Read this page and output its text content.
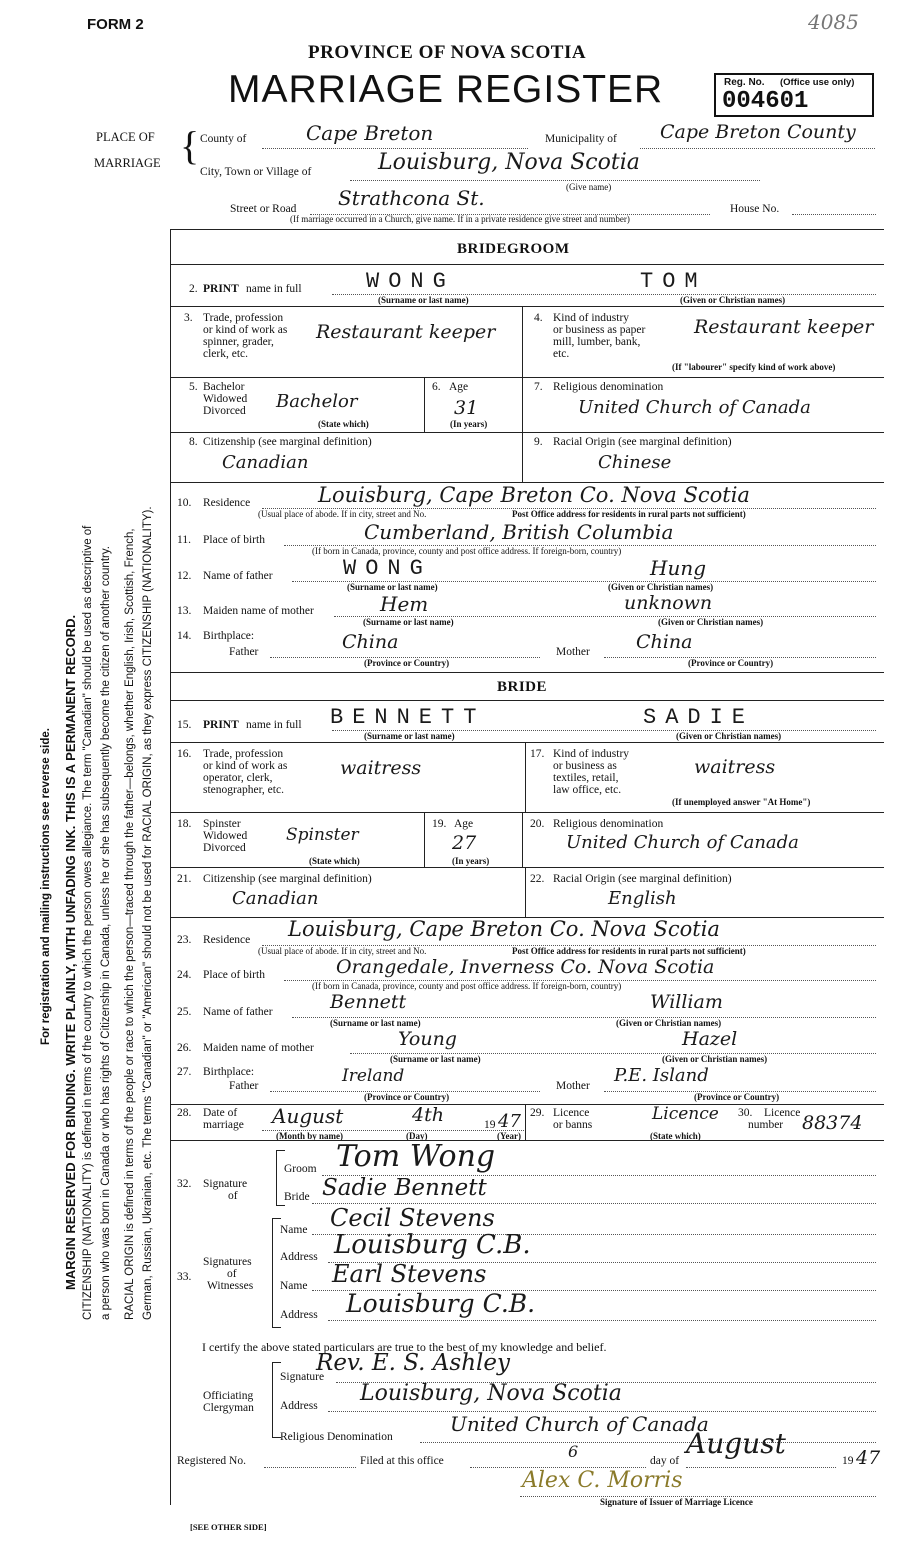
FORM 2	4085
PROVINCE OF NOVA SCOTIA
MARRIAGE REGISTER	Reg. No. (Office use only)
004601
For registration and mailing instructions see reverse side. MARGIN RESERVED FOR BINDING. WRITE PLAINLY, WITH UNFADING INK. THIS IS A PERMANENT RECORD. CITIZENSHIP (NATIONALITY) is defined in terms of the country to which the person owes allegiance. The term "Canadian" should be used as descriptive of a person who was born in Canada or who has rights of Citizenship in Canada, unless he or she has subsequently become the citizen of another country. RACIAL ORIGIN is defined in terms of the people or race to which the person—traced through the father—belongs, whether English, Irish, Scottish, French, German, Russian, Ukrainian, etc. The terms "Canadian" or "American" should not be used for RACIAL ORIGIN, as they express CITIZENSHIP (NATIONALITY).
PLACE OF
MARRIAGE { County of	Cape Breton	Municipality of Cape Breton County
City, Town or Village of	Louisburg, Nova Scotia
(Give name)
Street or Road Strathcona St.	House No.
(If marriage occurred in a Church, give name. If in a private residence give street and number)
BRIDEGROOM
2. PRINT name in full	WONG	TOM
(Surname or last name)	(Given or Christian names)
3. Trade, profession
or kind of work as
spinner, grader,
clerk, etc.
Restaurant keeper
4. Kind of industry
or business as paper
mill, lumber, bank,
etc.
Restaurant keeper
(If "labourer" specify kind of work above)
5. Bachelor
Widowed
Divorced Bachelor
(State which)
6. Age
31
(In years)
7. Religious denomination
United Church of Canada
8. Citizenship (see marginal definition)
Canadian
9. Racial Origin (see marginal definition)
Chinese
10. Residence	Louisburg, Cape Breton Co. Nova Scotia
(Usual place of abode. If in city, street and No.	Post Office address for residents in rural parts not sufficient)
11. Place of birth	Cumberland, British Columbia
(If born in Canada, province, county and post office address. If foreign-born, country)
12. Name of father	WONG	Hung
(Surname or last name)	(Given or Christian names)
13. Maiden name of mother	Hem	unknown
(Surname or last name)	(Given or Christian names)
14. Birthplace:
Father	China
(Province or Country)
Mother China
(Province or Country)
BRIDE
15. PRINT name in full BENNETT	SADIE
(Surname or last name)	(Given or Christian names)
16. Trade, profession
or kind of work as
operator, clerk,
stenographer, etc.
waitress
17. Kind of industry
or business as
textiles, retail,
law office, etc.
waitress
(If unemployed answer "At Home")
18. Spinster
Widowed
Divorced
Spinster
(State which)
19. Age
27
(In years)
20. Religious denomination
United Church of Canada
21. Citizenship (see marginal definition)
Canadian
22. Racial Origin (see marginal definition)
English
23. Residence Louisburg, Cape Breton Co. Nova Scotia
(Usual place of abode. If in city, street and No.	Post Office address for residents in rural parts not sufficient)
24. Place of birth	Orangedale, Inverness Co. Nova Scotia
(If born in Canada, province, county and post office address. If foreign-born, country)
25. Name of father	Bennett	William
(Surname or last name)	(Given or Christian names)
26. Maiden name of mother	Young	Hazel
(Surname or last name)	(Given or Christian names)
27. Birthplace:
Father	Ireland
(Province or Country)
Mother P.E. Island
(Province or Country)
28. Date of
marriage August	4th	19 47
(Month by name)	(Day)	(Year)
29. Licence
or banns
Licence
(State which)
30. Licence
number 88374
32. Signature
of
Groom Tom Wong
Bride Sadie Bennett
33.
Signatures
of
Witnesses
Name Cecil Stevens
Address Louisburg C.B.
Name Earl Stevens
Address Louisburg C.B.
I certify the above stated particulars are true to the best of my knowledge and belief.
Officiating
Clergyman
Signature
Rev. E. S. Ashley
Address Louisburg, Nova Scotia
Religious Denomination
United Church of Canada
Registered No.	Filed at this office	6	day of
August
19 47
Alex C. Morris
Signature of Issuer of Marriage Licence
[SEE OTHER SIDE]
